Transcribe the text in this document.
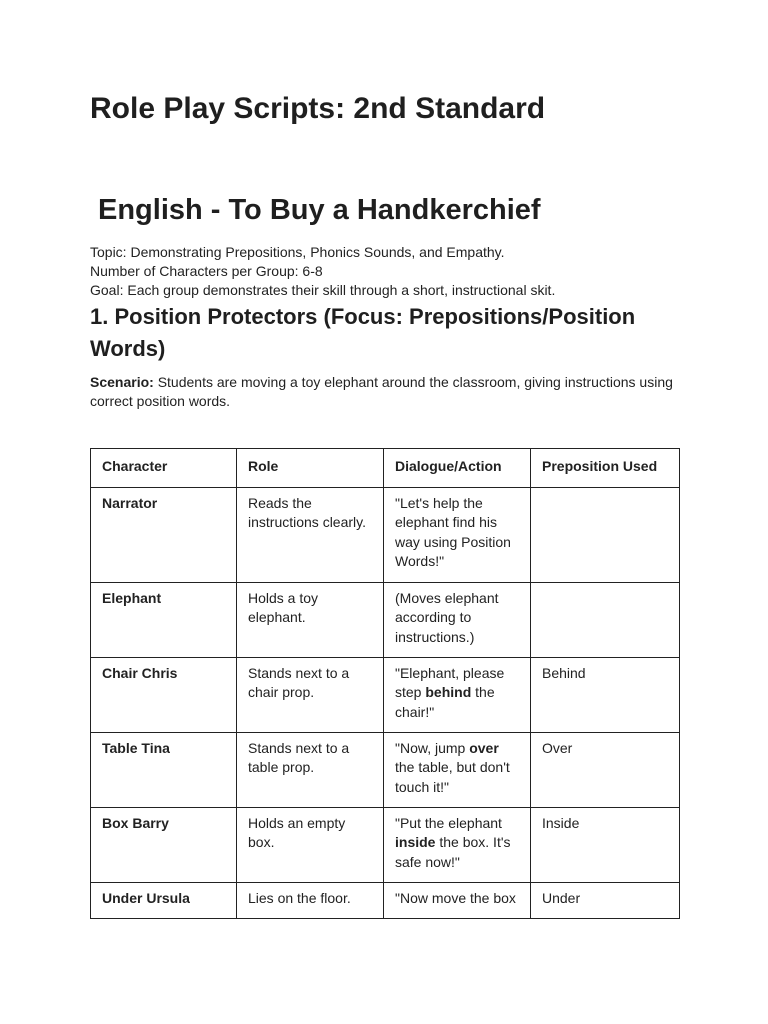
Role Play Scripts: 2nd Standard
English - To Buy a Handkerchief
Topic: Demonstrating Prepositions, Phonics Sounds, and Empathy.
Number of Characters per Group: 6-8
Goal: Each group demonstrates their skill through a short, instructional skit.
1. Position Protectors (Focus: Prepositions/Position Words)
Scenario: Students are moving a toy elephant around the classroom, giving instructions using correct position words.
Character	Role	Dialogue/Action	Preposition Used
Narrator	Reads the instructions clearly.	"Let's help the elephant find his way using Position Words!"	
Elephant	Holds a toy elephant.	(Moves elephant according to instructions.)	
Chair Chris	Stands next to a chair prop.	"Elephant, please step behind the chair!"	Behind
Table Tina	Stands next to a table prop.	"Now, jump over the table, but don't touch it!"	Over
Box Barry	Holds an empty box.	"Put the elephant inside the box. It's safe now!"	Inside
Under Ursula	Lies on the floor.	"Now move the box	Under
